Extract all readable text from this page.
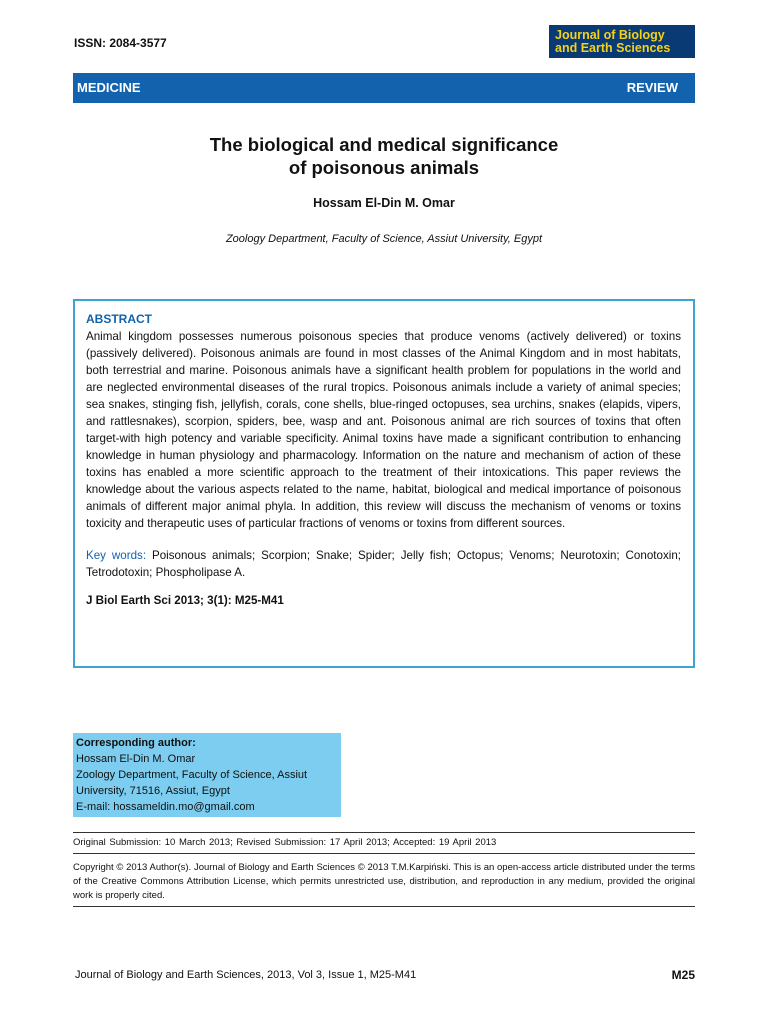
ISSN: 2084-3577
Journal of Biology
and Earth Sciences
MEDICINE	REVIEW
The biological and medical significance
of poisonous animals
Hossam El-Din M. Omar
Zoology Department, Faculty of Science, Assiut University, Egypt
ABSTRACT

Animal kingdom possesses numerous poisonous species that produce venoms (actively delivered) or toxins (passively delivered). Poisonous animals are found in most classes of the Animal Kingdom and in most habitats, both terrestrial and marine. Poisonous animals have a significant health problem for populations in the world and are neglected environmental diseases of the rural tropics. Poisonous animals include a variety of animal species; sea snakes, stinging fish, jellyfish, corals, cone shells, blue-ringed octopuses, sea urchins, snakes (elapids, vipers, and rattlesnakes), scorpion, spiders, bee, wasp and ant. Poisonous animal are rich sources of toxins that often target-with high potency and variable specificity. Animal toxins have made a significant contribution to enhancing knowledge in human physiology and pharmacology. Information on the nature and mechanism of action of these toxins has enabled a more scientific approach to the treatment of their intoxications. This paper reviews the knowledge about the various aspects related to the name, habitat, biological and medical importance of poisonous animals of different major animal phyla. In addition, this review will discuss the mechanism of venoms or toxins toxicity and therapeutic uses of particular fractions of venoms or toxins from different sources.

Key words: Poisonous animals; Scorpion; Snake; Spider; Jelly fish; Octopus; Venoms; Neurotoxin; Conotoxin; Tetrodotoxin; Phospholipase A.

J Biol Earth Sci 2013; 3(1): M25-M41
Corresponding author:
Hossam El-Din M. Omar
Zoology Department, Faculty of Science, Assiut
University, 71516, Assiut, Egypt
E-mail: hossameldin.mo@gmail.com
Original Submission: 10 March 2013; Revised Submission: 17 April 2013; Accepted: 19 April 2013
Copyright © 2013 Author(s). Journal of Biology and Earth Sciences © 2013 T.M.Karpiński. This is an open-access article distributed under the terms of the Creative Commons Attribution License, which permits unrestricted use, distribution, and reproduction in any medium, provided the original work is properly cited.
Journal of Biology and Earth Sciences, 2013, Vol 3, Issue 1, M25-M41	M25
